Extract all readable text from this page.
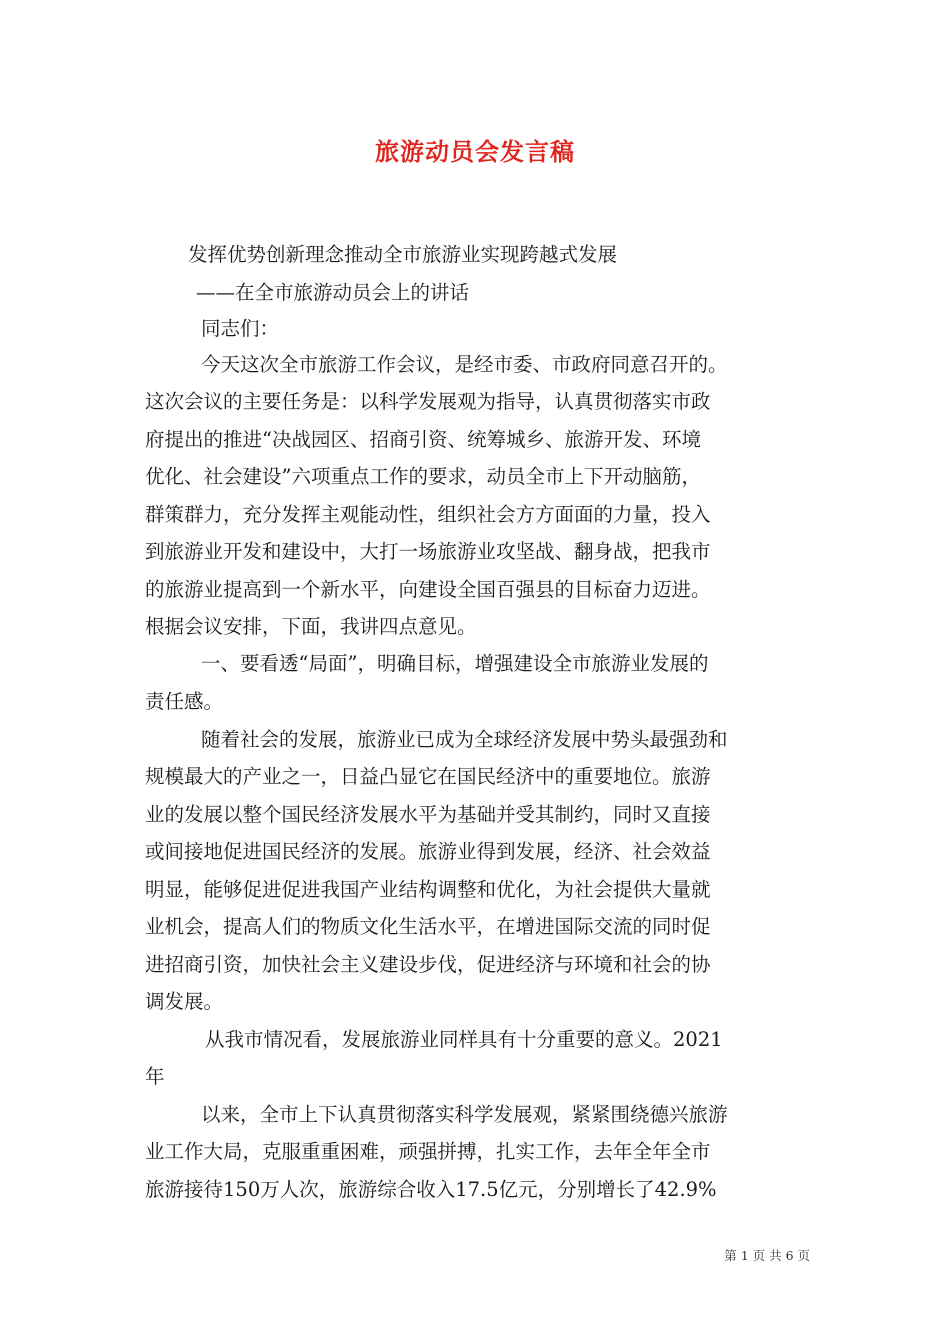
旅游动员会发言稿
发挥优势创新理念推动全市旅游业实现跨越式发展
——在全市旅游动员会上的讲话
同志们：
今天这次全市旅游工作会议，是经市委、市政府同意召开的。
这次会议的主要任务是：以科学发展观为指导，认真贯彻落实市政
府提出的推进“决战园区、招商引资、统筹城乡、旅游开发、环境
优化、社会建设”六项重点工作的要求，动员全市上下开动脑筋，
群策群力，充分发挥主观能动性，组织社会方方面面的力量，投入
到旅游业开发和建设中，大打一场旅游业攻坚战、翻身战，把我市
的旅游业提高到一个新水平，向建设全国百强县的目标奋力迈进。
根据会议安排，下面，我讲四点意见。
一、要看透“局面”，明确目标，增强建设全市旅游业发展的
责任感。
随着社会的发展，旅游业已成为全球经济发展中势头最强劲和
规模最大的产业之一，日益凸显它在国民经济中的重要地位。旅游
业的发展以整个国民经济发展水平为基础并受其制约，同时又直接
或间接地促进国民经济的发展。旅游业得到发展，经济、社会效益
明显，能够促进促进我国产业结构调整和优化，为社会提供大量就
业机会，提高人们的物质文化生活水平，在增进国际交流的同时促
进招商引资，加快社会主义建设步伐，促进经济与环境和社会的协
调发展。
从我市情况看，发展旅游业同样具有十分重要的意义。2021
年
以来，全市上下认真贯彻落实科学发展观，紧紧围绕德兴旅游
业工作大局，克服重重困难，顽强拼搏，扎实工作，去年全年全市
旅游接待150万人次，旅游综合收入17.5亿元，分别增长了42.9%
第 1 页 共 6 页
